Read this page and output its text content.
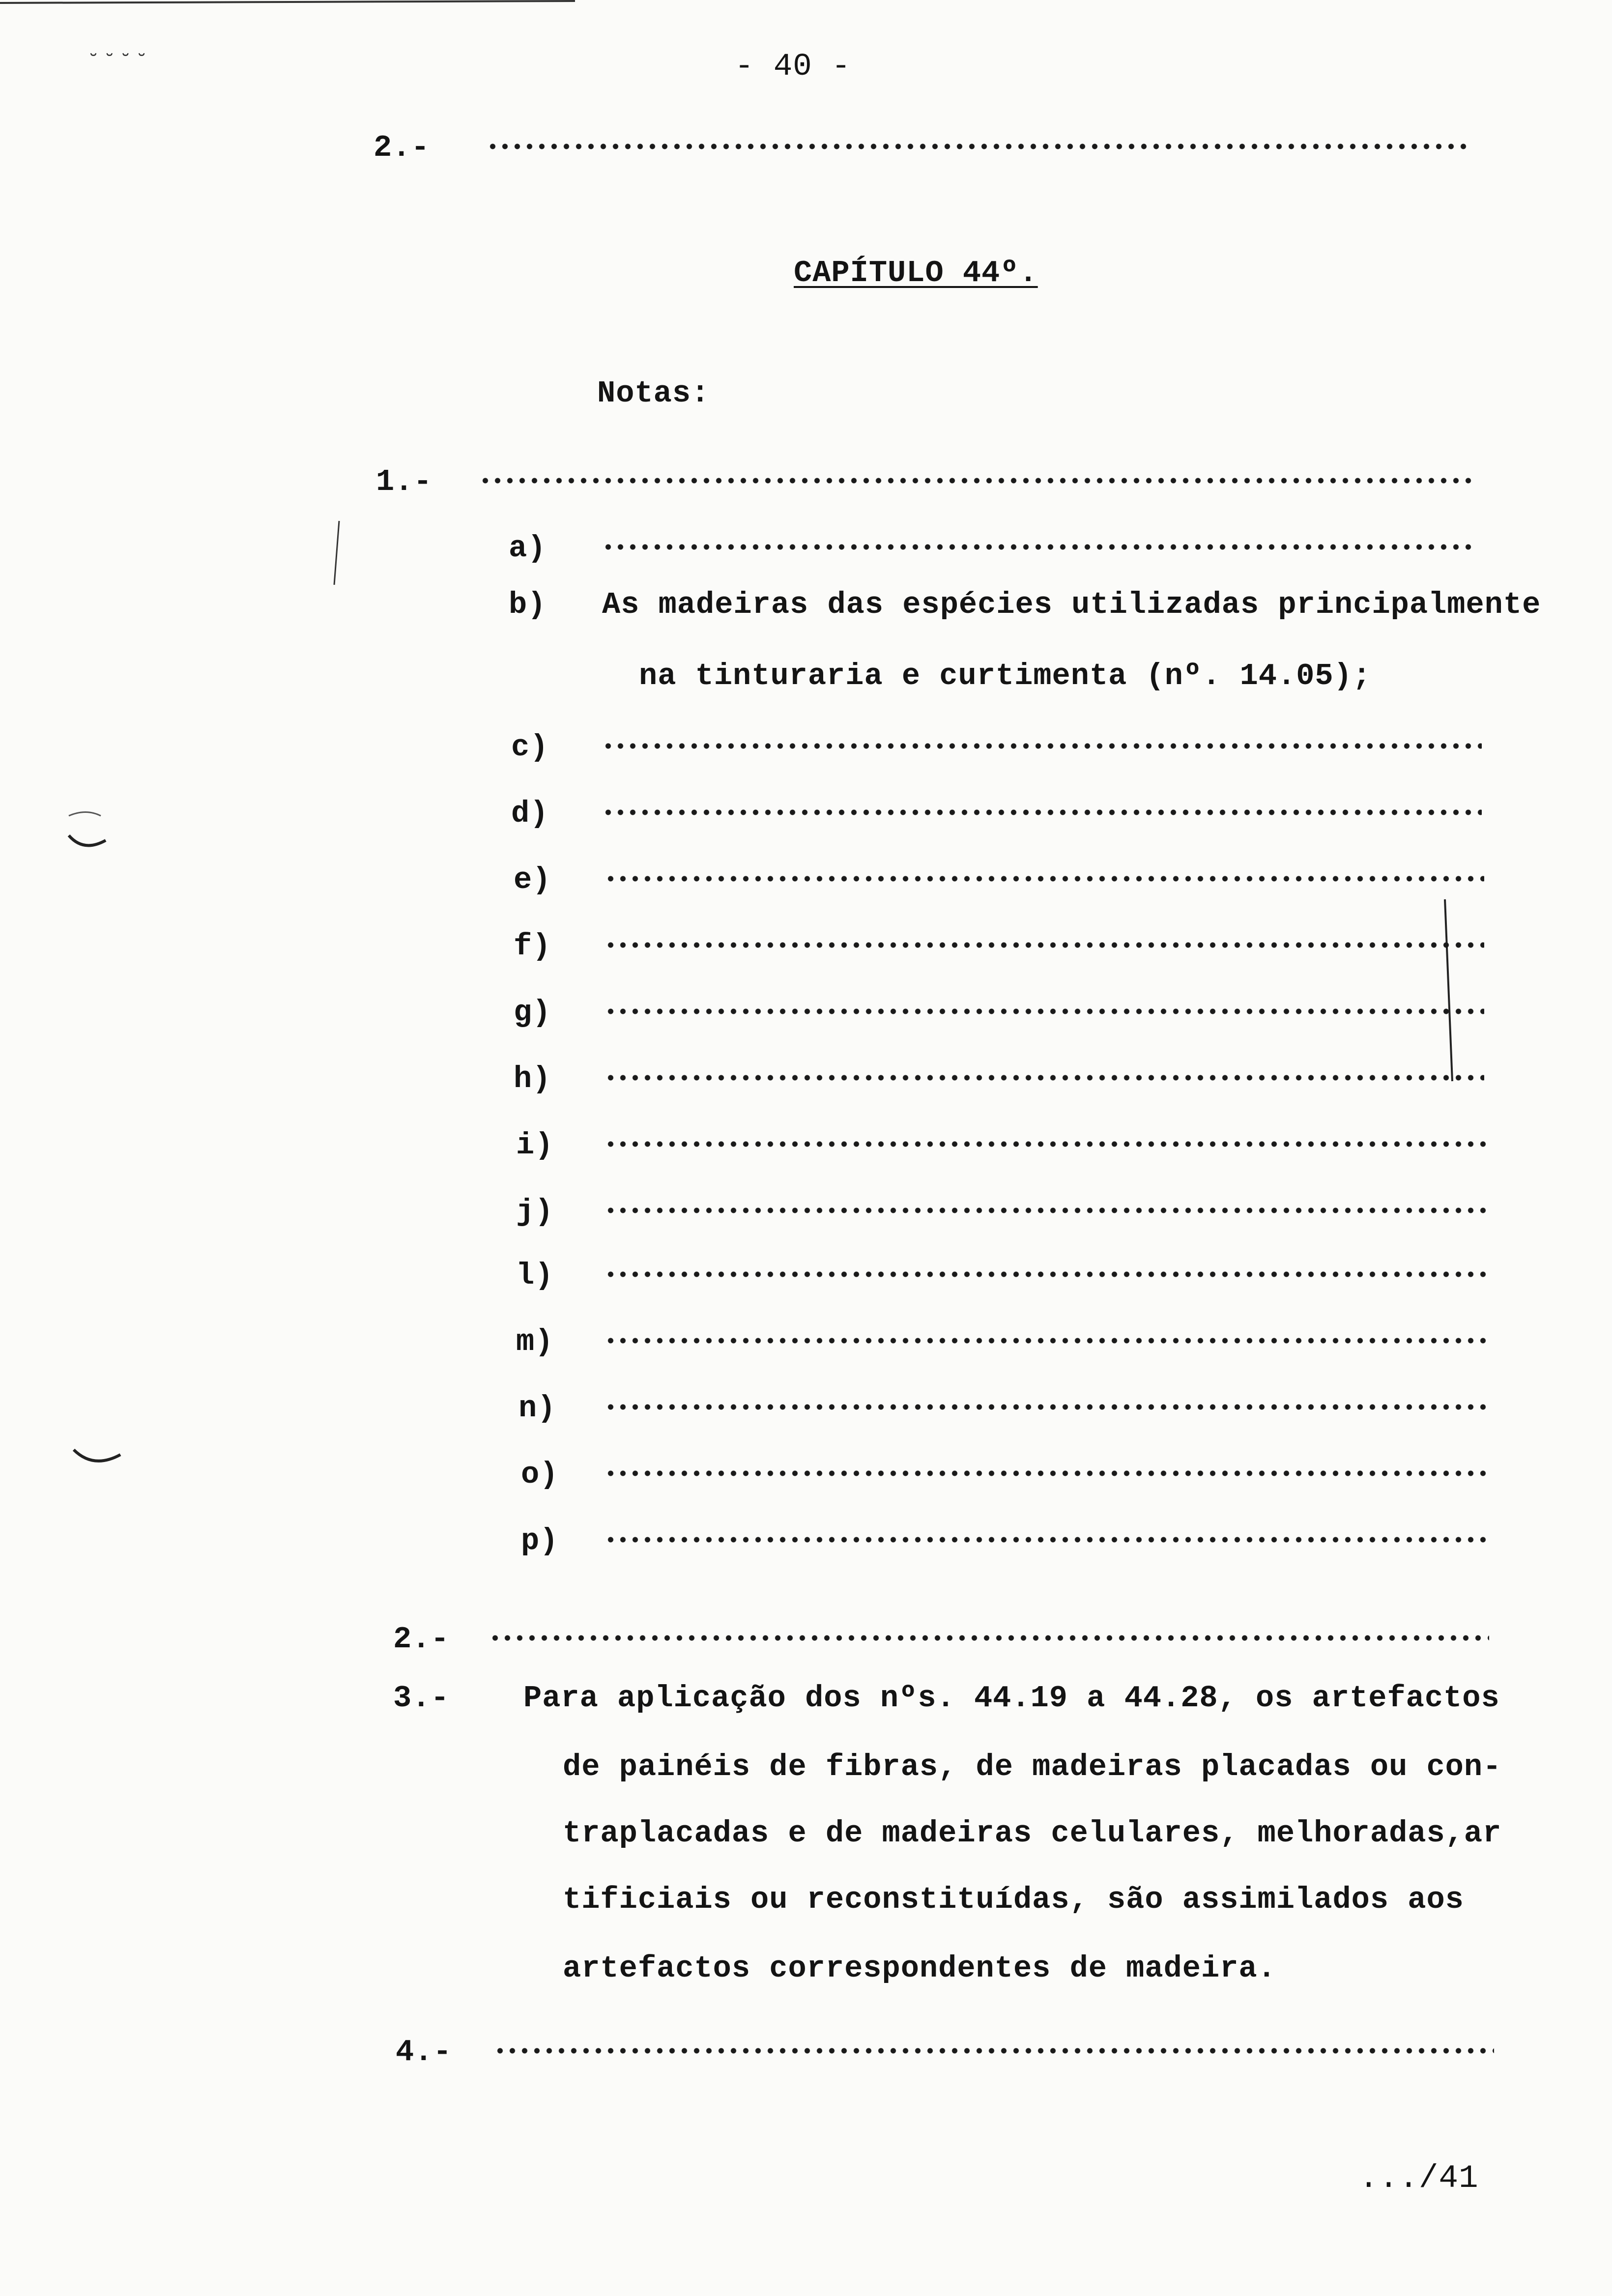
˘ ˘ ˘ ˘	- 40 -
2.-
CAPÍTULO 44º.
Notas:
1.-
a)
b) As madeiras das espécies utilizadas principalmente
na tinturaria e curtimenta (nº. 14.05);
c)
d)
e)
f)
g)
h)
i)
j)
l)
m)
n)
o)
p)
2.-
3.- Para aplicação dos nºs. 44.19 a 44.28, os artefactos
de painéis de fibras, de madeiras placadas ou con-
traplacadas e de madeiras celulares, melhoradas,ar
tificiais ou reconstituídas, são assimilados aos
artefactos correspondentes de madeira.
4.-
.../41
